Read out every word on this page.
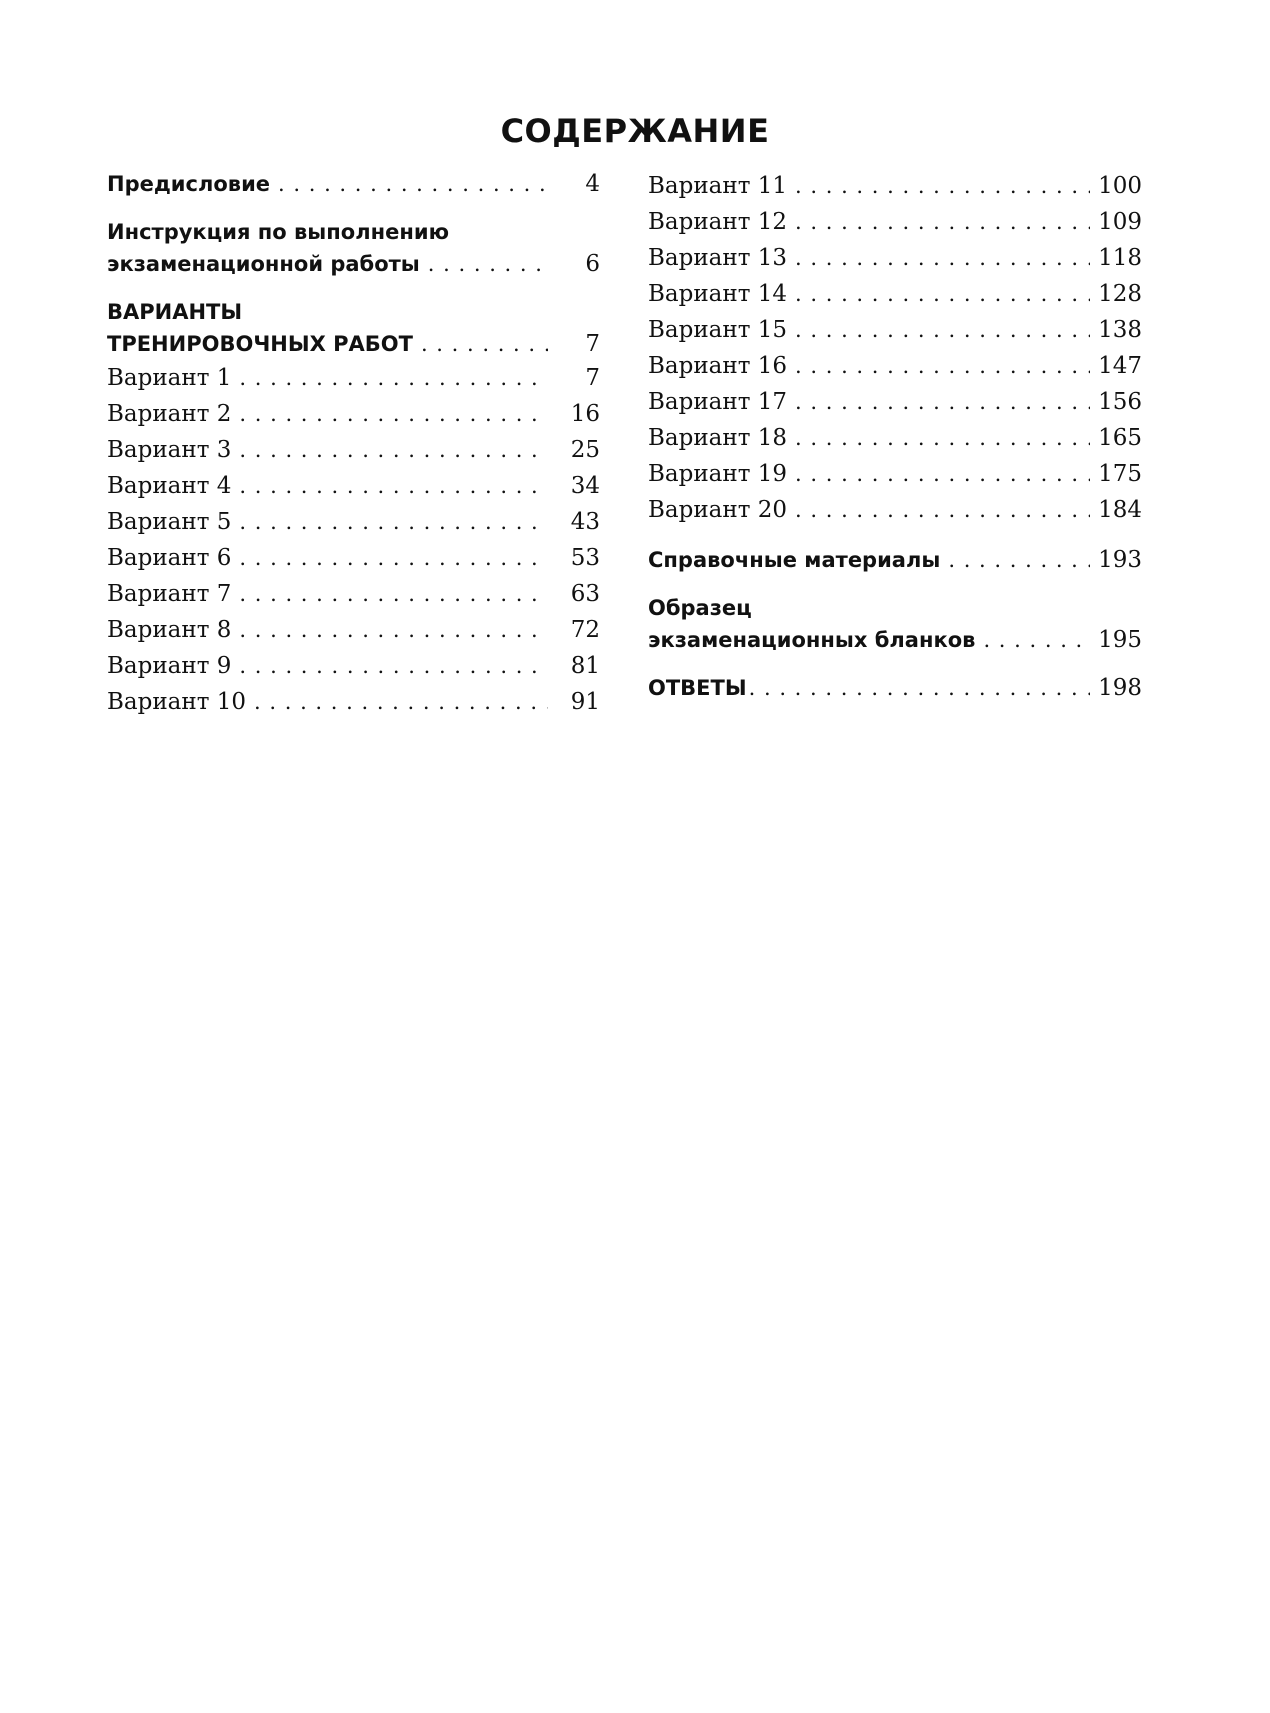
СОДЕРЖАНИЕ
Предисловие . . .	4
Инструкция по выполнению
экзаменационной работы . . .	6
ВАРИАНТЫ
ТРЕНИРОВОЧНЫХ РАБОТ . . .	7
Вариант 1 . . .	7
Вариант 2 . . .	16
Вариант 3 . . .	25
Вариант 4 . . .	34
Вариант 5 . . .	43
Вариант 6 . . .	53
Вариант 7 . . .	63
Вариант 8 . . .	72
Вариант 9 . . .	81
Вариант 10 . . .	91
Вариант 11 . . .	100
Вариант 12 . . .	109
Вариант 13 . . .	118
Вариант 14 . . .	128
Вариант 15 . . .	138
Вариант 16 . . .	147
Вариант 17 . . .	156
Вариант 18 . . .	165
Вариант 19 . . .	175
Вариант 20 . . .	184
Справочные материалы . . .	193
Образец
экзаменационных бланков . . .	195
ОТВЕТЫ . . .	198
